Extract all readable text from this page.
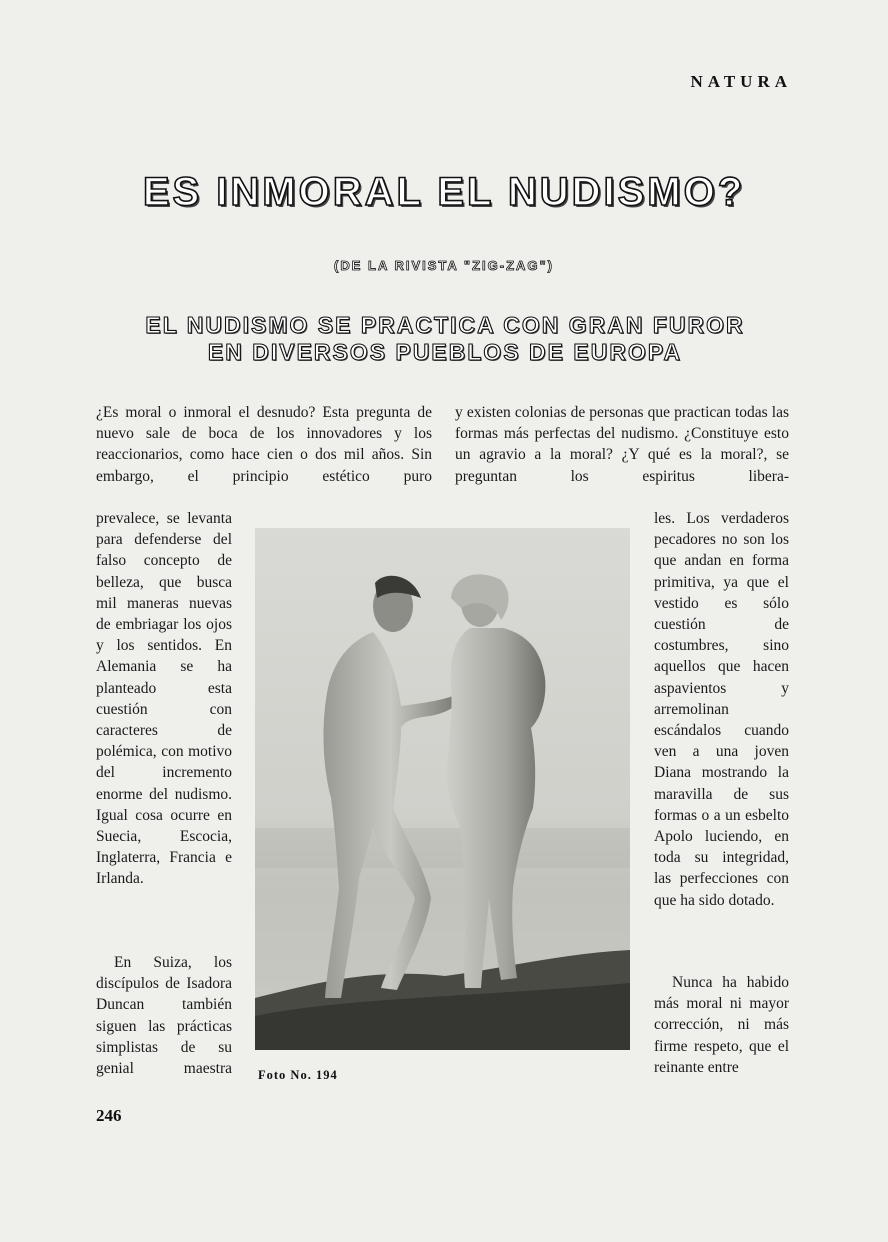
NATURA
ES INMORAL EL NUDISMO?
(DE LA RIVISTA "ZIG-ZAG")
EL NUDISMO SE PRACTICA CON GRAN FUROR
EN DIVERSOS PUEBLOS DE EUROPA

¿Es moral o inmoral el desnudo? Esta pregunta de nuevo sale de boca de los innovadores y los reaccionarios, como hace cien o dos mil años. Sin embargo, el principio estético puro

prevalece, se levanta para defenderse del falso concepto de belleza, que busca mil maneras nuevas de embriagar los ojos y los sentidos. En Alemania se ha planteado esta cuestión con caracteres de polémica, con motivo del incremento enorme del nudismo. Igual cosa ocurre en Suecia, Escocia, Inglaterra, Francia e Irlanda.

En Suiza, los discípulos de Isadora Duncan también siguen las prácticas simplistas de su genial maestra

y existen colonias de personas que practican todas las formas más perfectas del nudismo. ¿Constituye esto un agravio a la moral? ¿Y qué es la moral?, se preguntan los espiritus libera-

les. Los verdaderos pecadores no son los que andan en forma primitiva, ya que el vestido es sólo cuestión de costumbres, sino aquellos que hacen aspavientos y arremolinan escándalos cuando ven a una joven Diana mostrando la maravilla de sus formas o a un esbelto Apolo luciendo, en toda su integridad, las perfecciones con que ha sido dotado.

Nunca ha habido más moral ni mayor corrección, ni más firme respeto, que el reinante entre

Foto No. 194
246
